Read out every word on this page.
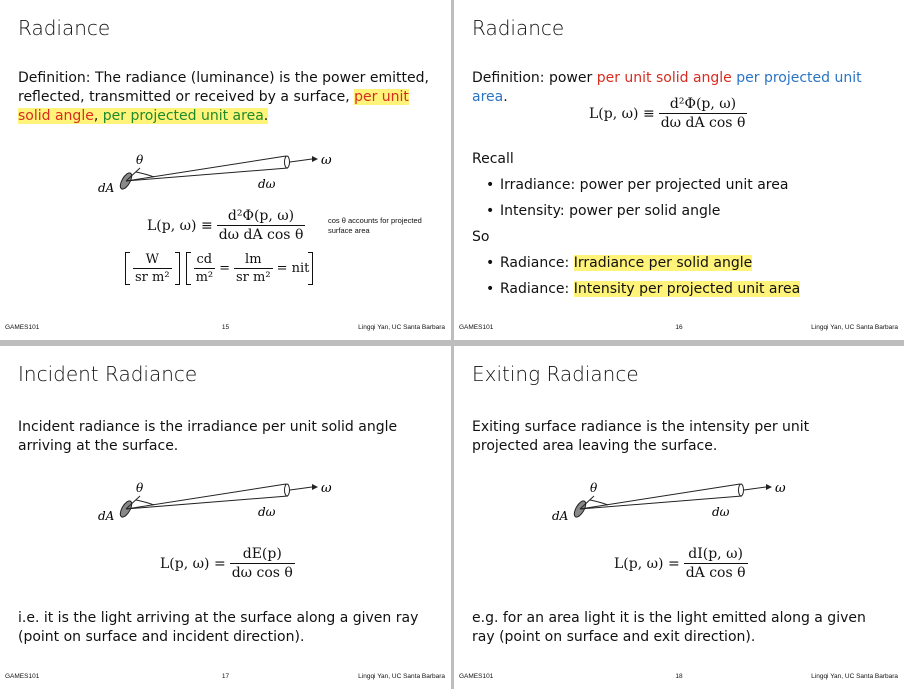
Radiance

Definition: The radiance (luminance) is the power emitted, reflected, transmitted or received by a surface, per unit solid angle, per projected unit area.

θ	ω
dA	dω
L(p, $\omega) \equiv \frac{\text{d²Φ(p, ω)}}{\text{dω dA cos θ}}$	cos θ accounts for projected surface area
$\frac{W}{\text{sr m²}} \frac{cd}{\text{m²}} = \frac{lm}{\text{sr m²}}$ = nit
GAMES101	15	Lingqi Yan, UC Santa Barbara
Radiance

Definition: power per unit solid angle per projected unit area.

L(p, $\omega) \equiv \frac{\text{d²Φ(p, ω)}}{\text{dω dA cos θ}}$

Recall

• Irradiance: power per projected unit area
• Intensity: power per solid angle

So

• Radiance: Irradiance per solid angle
• Radiance: Intensity per projected unit area
GAMES101	16	Lingqi Yan, UC Santa Barbara
Incident Radiance

Incident radiance is the irradiance per unit solid angle arriving at the surface.

θ	ω
dA	dω
L(p, $\omega) = \frac{dE(p)}{\text{dω cos θ}}$

i.e. it is the light arriving at the surface along a given ray (point on surface and incident direction).

GAMES101	17	Lingqi Yan, UC Santa Barbara
Exiting Radiance

Exiting surface radiance is the intensity per unit projected area leaving the surface.

θ	ω
dA	dω
L(p, $\omega) = \frac{dI(p, \omega)}{\text{dA cos θ}}$

e.g. for an area light it is the light emitted along a given ray (point on surface and exit direction).

GAMES101	18	Lingqi Yan, UC Santa Barbara
